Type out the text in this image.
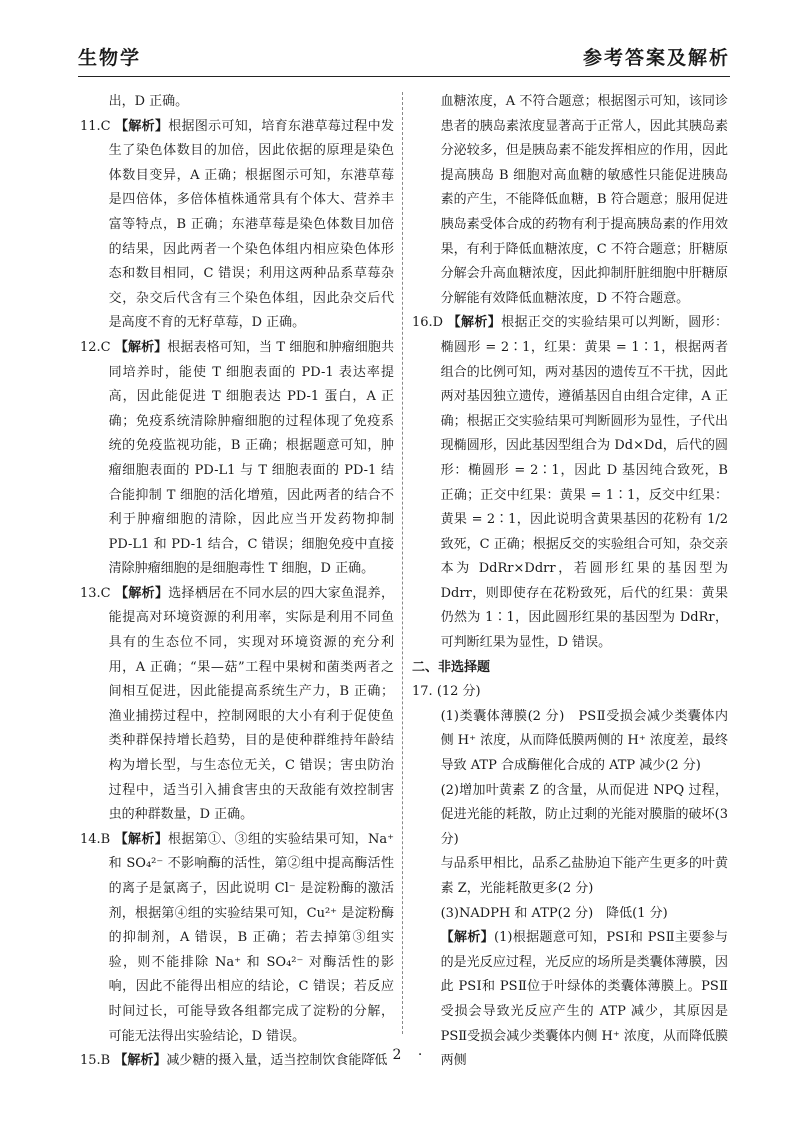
生物学	参考答案及解析

出，D 正确。

11.C 【解析】根据图示可知，培育东港草莓过程中发生了染色体数目的加倍，因此依据的原理是染色体数目变异，A 正确；根据图示可知，东港草莓是四倍体，多倍体植株通常具有个体大、营养丰富等特点，B 正确；东港草莓是染色体数目加倍的结果，因此两者一个染色体组内相应染色体形态和数目相同，C 错误；利用这两种品系草莓杂交，杂交后代含有三个染色体组，因此杂交后代是高度不育的无籽草莓，D 正确。

12.C 【解析】根据表格可知，当 T 细胞和肿瘤细胞共同培养时，能使 T 细胞表面的 PD-1 表达率提高，因此能促进 T 细胞表达 PD-1 蛋白，A 正确；免疫系统清除肿瘤细胞的过程体现了免疫系统的免疫监视功能，B 正确；根据题意可知，肿瘤细胞表面的 PD-L1 与 T 细胞表面的 PD-1 结合能抑制 T 细胞的活化增殖，因此两者的结合不利于肿瘤细胞的清除，因此应当开发药物抑制 PD-L1 和 PD-1 结合，C 错误；细胞免疫中直接清除肿瘤细胞的是细胞毒性 T 细胞，D 正确。

13.C 【解析】选择栖居在不同水层的四大家鱼混养，能提高对环境资源的利用率，实际是利用不同鱼具有的生态位不同，实现对环境资源的充分利用，A 正确；“果—菇”工程中果树和菌类两者之间相互促进，因此能提高系统生产力，B 正确；渔业捕捞过程中，控制网眼的大小有利于促使鱼类种群保持增长趋势，目的是使种群维持年龄结构为增长型，与生态位无关，C 错误；害虫防治过程中，适当引入捕食害虫的天敌能有效控制害虫的种群数量，D 正确。

14.B 【解析】根据第①、③组的实验结果可知，Na⁺ 和 SO₄²⁻ 不影响酶的活性，第②组中提高酶活性的离子是氯离子，因此说明 Cl⁻ 是淀粉酶的激活剂，根据第④组的实验结果可知，Cu²⁺ 是淀粉酶的抑制剂，A 错误，B 正确；若去掉第③组实验，则不能排除 Na⁺ 和 SO₄²⁻ 对酶活性的影响，因此不能得出相应的结论，C 错误；若反应时间过长，可能导致各组都完成了淀粉的分解，可能无法得出实验结论，D 错误。

15.B 【解析】减少糖的摄入量，适当控制饮食能降低

血糖浓度，A 不符合题意；根据图示可知，该同诊患者的胰岛素浓度显著高于正常人，因此其胰岛素分泌较多，但是胰岛素不能发挥相应的作用，因此提高胰岛 B 细胞对高血糖的敏感性只能促进胰岛素的产生，不能降低血糖，B 符合题意；服用促进胰岛素受体合成的药物有利于提高胰岛素的作用效果，有利于降低血糖浓度，C 不符合题意；肝糖原分解会升高血糖浓度，因此抑制肝脏细胞中肝糖原分解能有效降低血糖浓度，D 不符合题意。

16.D 【解析】根据正交的实验结果可以判断，圆形：椭圆形 = 2∶1，红果：黄果 = 1∶1，根据两者组合的比例可知，两对基因的遗传互不干扰，因此两对基因独立遗传，遵循基因自由组合定律，A 正确；根据正交实验结果可判断圆形为显性，子代出现椭圆形，因此基因型组合为 Dd×Dd，后代的圆形：椭圆形 = 2∶1，因此 D 基因纯合致死，B 正确；正交中红果：黄果 = 1∶1，反交中红果：黄果 = 2∶1，因此说明含黄果基因的花粉有 1/2 致死，C 正确；根据反交的实验组合可知，杂交亲本为 DdRr×Ddrr，若圆形红果的基因型为 Ddrr，则即使存在花粉致死，后代的红果：黄果仍然为 1∶1，因此圆形红果的基因型为 DdRr，可判断红果为显性，D 错误。

二、非选择题

17. (12 分)

(1)类囊体薄膜(2 分)　PSⅡ受损会减少类囊体内侧 H⁺ 浓度，从而降低膜两侧的 H⁺ 浓度差，最终导致 ATP 合成酶催化合成的 ATP 减少(2 分)

(2)增加叶黄素 Z 的含量，从而促进 NPQ 过程，促进光能的耗散，防止过剩的光能对膜脂的破坏(3 分)

与品系甲相比，品系乙盐胁迫下能产生更多的叶黄素 Z，光能耗散更多(2 分)

(3)NADPH 和 ATP(2 分)　降低(1 分)

【解析】(1)根据题意可知，PSⅠ和 PSⅡ主要参与的是光反应过程，光反应的场所是类囊体薄膜，因此 PSⅠ和 PSⅡ位于叶绿体的类囊体薄膜上。PSⅡ受损会导致光反应产生的 ATP 减少，其原因是 PSⅡ受损会减少类囊体内侧 H⁺ 浓度，从而降低膜两侧

· 2 ·
